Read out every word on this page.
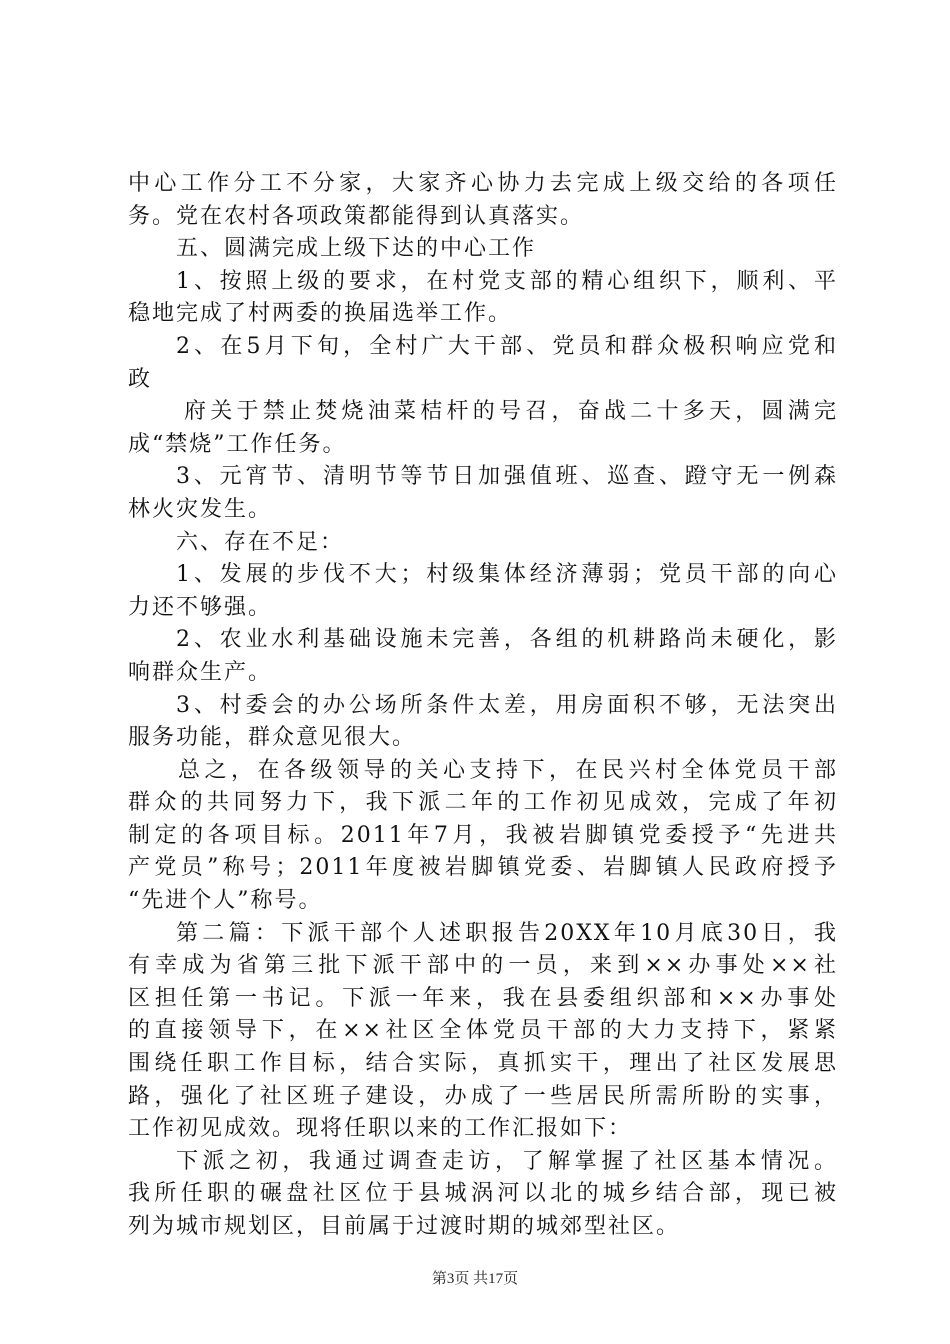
中心工作分工不分家，大家齐心协力去完成上级交给的各项任
务。党在农村各项政策都能得到认真落实。
五、圆满完成上级下达的中心工作
1、按照上级的要求，在村党支部的精心组织下，顺利、平
稳地完成了村两委的换届选举工作。
2、在5月下旬，全村广大干部、党员和群众极积响应党和
政
府关于禁止焚烧油菜桔杆的号召，奋战二十多天，圆满完
成“禁烧”工作任务。
3、元宵节、清明节等节日加强值班、巡查、蹬守无一例森
林火灾发生。
六、存在不足：
1、发展的步伐不大；村级集体经济薄弱；党员干部的向心
力还不够强。
2、农业水利基础设施未完善，各组的机耕路尚未硬化，影
响群众生产。
3、村委会的办公场所条件太差，用房面积不够，无法突出
服务功能，群众意见很大。
总之，在各级领导的关心支持下，在民兴村全体党员干部
群众的共同努力下，我下派二年的工作初见成效，完成了年初
制定的各项目标。2011年7月，我被岩脚镇党委授予“先进共
产党员”称号；2011年度被岩脚镇党委、岩脚镇人民政府授予
“先进个人”称号。
第二篇：下派干部个人述职报告20XX年10月底30日，我
有幸成为省第三批下派干部中的一员，来到××办事处××社
区担任第一书记。下派一年来，我在县委组织部和××办事处
的直接领导下，在××社区全体党员干部的大力支持下，紧紧
围绕任职工作目标，结合实际，真抓实干，理出了社区发展思
路，强化了社区班子建设，办成了一些居民所需所盼的实事，
工作初见成效。现将任职以来的工作汇报如下：
下派之初，我通过调查走访，了解掌握了社区基本情况。
我所任职的碾盘社区位于县城涡河以北的城乡结合部，现已被
列为城市规划区，目前属于过渡时期的城郊型社区。
第3页 共17页
